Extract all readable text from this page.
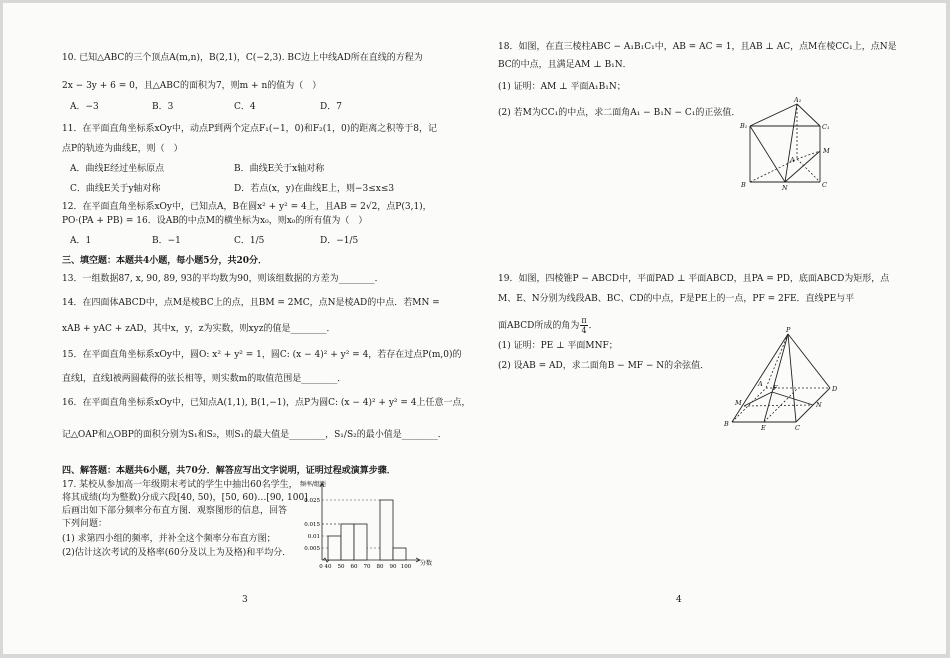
10. 已知△ABC的三个顶点A(m,n)，B(2,1)，C(−2,3). BC边上中线AD所在直线的方程为
2x − 3y + 6 = 0，且△ABC的面积为7，则m + n的值为（　）
A．−3	B．3	C．4	D．7
11．在平面直角坐标系xOy中，动点P到两个定点F₁(−1，0)和F₂(1，0)的距离之积等于8，记
点P的轨迹为曲线E，则（　）
A．曲线E经过坐标原点	B．曲线E关于x轴对称
C．曲线E关于y轴对称	D．若点(x，y)在曲线E上，则−3≤x≤3
12．在平面直角坐标系xOy中，已知点A，B在圆x² + y² = 4上，且AB = 2√2，点P(3,1)，
PO·(PA + PB) = 16．设AB的中点M的横坐标为x₀，则x₀的所有值为（　）
A．1	B．−1	C．1/5	D．−1/5
三、填空题：本题共4小题，每小题5分，共20分．
13．一组数据87, x, 90, 89, 93的平均数为90，则该组数据的方差为________．
14．在四面体ABCD中，点M是棱BC上的点，且BM = 2MC，点N是棱AD的中点．若MN =
xAB + yAC + zAD，其中x，y，z为实数，则xyz的值是________．
15．在平面直角坐标系xOy中，圆O: x² + y² = 1，圆C: (x − 4)² + y² = 4，若存在过点P(m,0)的
直线l，直线l被两圆截得的弦长相等，则实数m的取值范围是________．
16．在平面直角坐标系xOy中，已知点A(1,1), B(1,−1)，点P为圆C: (x − 4)² + y² = 4上任意一点，
记△OAP和△OBP的面积分别为S₁和S₂，则S₁的最大值是________，S₁/S₂的最小值是________．
四、解答题：本题共6小题，共70分．解答应写出文字说明，证明过程或演算步骤．
17. 某校从参加高一年级期末考试的学生中抽出60名学生，
将其成绩(均为整数)分成六段[40, 50)，[50, 60)…[90, 100]
后画出如下部分频率分布直方图．观察图形的信息，回答
下列问题：
(1) 求第四小组的频率，并补全这个频率分布直方图；
(2)估计这次考试的及格率(60分及以上为及格)和平均分．
3
0.005
0.01
0.015
0.025
0 40 50 60 70 80 90 100
频率/组距
分数
18．如图，在直三棱柱ABC − A₁B₁C₁中，AB = AC = 1，且AB ⊥ AC，点M在棱CC₁上，点N是
BC的中点，且满足AM ⊥ B₁N．
(1) 证明：AM ⊥ 平面A₁B₁N；
(2) 若M为CC₁的中点，求二面角A₁ − B₁N − C₁的正弦值．
19．如图，四棱锥P − ABCD中，平面PAD ⊥ 平面ABCD，且PA = PD，底面ABCD为矩形，点
M、E、N分别为线段AB、BC、CD的中点，F是PE上的一点，PF = 2FE．直线PE与平
面ABCD所成的角为 $\frac{\pi}{4}$ ．
(1) 证明：PE ⊥ 平面MNF；
(2) 设AB = AD，求二面角B − MF − N的余弦值．
4
A₁
B₁	C₁
A
B	C
M
N
P
A
B	C
D
E
F
M	N
